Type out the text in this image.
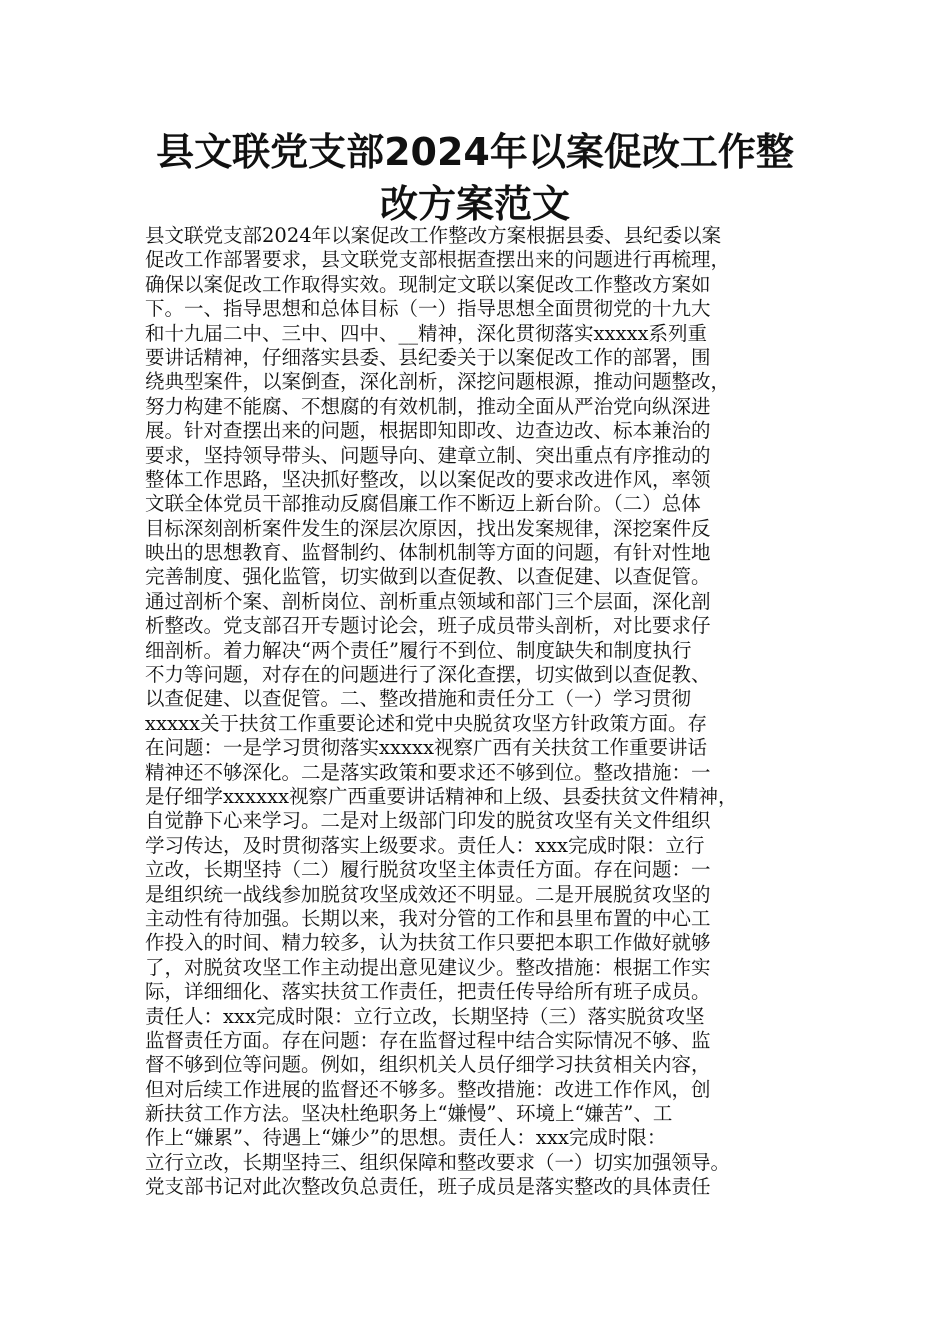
县文联党支部2024年以案促改工作整
改方案范文
县文联党支部2024年以案促改工作整改方案根据县委、县纪委以案
促改工作部署要求，县文联党支部根据查摆出来的问题进行再梳理，
确保以案促改工作取得实效。现制定文联以案促改工作整改方案如
下。一、指导思想和总体目标（一）指导思想全面贯彻党的十九大
和十九届二中、三中、四中、__精神，深化贯彻落实xxxxx系列重
要讲话精神，仔细落实县委、县纪委关于以案促改工作的部署，围
绕典型案件，以案倒查，深化剖析，深挖问题根源，推动问题整改，
努力构建不能腐、不想腐的有效机制，推动全面从严治党向纵深进
展。针对查摆出来的问题，根据即知即改、边查边改、标本兼治的
要求，坚持领导带头、问题导向、建章立制、突出重点有序推动的
整体工作思路，坚决抓好整改，以以案促改的要求改进作风，率领
文联全体党员干部推动反腐倡廉工作不断迈上新台阶。（二）总体
目标深刻剖析案件发生的深层次原因，找出发案规律，深挖案件反
映出的思想教育、监督制约、体制机制等方面的问题，有针对性地
完善制度、强化监管，切实做到以查促教、以查促建、以查促管。
通过剖析个案、剖析岗位、剖析重点领域和部门三个层面，深化剖
析整改。党支部召开专题讨论会，班子成员带头剖析，对比要求仔
细剖析。着力解决“两个责任”履行不到位、制度缺失和制度执行
不力等问题，对存在的问题进行了深化查摆，切实做到以查促教、
以查促建、以查促管。二、整改措施和责任分工（一）学习贯彻
xxxxx关于扶贫工作重要论述和党中央脱贫攻坚方针政策方面。存
在问题：一是学习贯彻落实xxxxx视察广西有关扶贫工作重要讲话
精神还不够深化。二是落实政策和要求还不够到位。整改措施：一
是仔细学xxxxxx视察广西重要讲话精神和上级、县委扶贫文件精神，
自觉静下心来学习。二是对上级部门印发的脱贫攻坚有关文件组织
学习传达，及时贯彻落实上级要求。责任人：xxx完成时限：立行
立改，长期坚持（二）履行脱贫攻坚主体责任方面。存在问题：一
是组织统一战线参加脱贫攻坚成效还不明显。二是开展脱贫攻坚的
主动性有待加强。长期以来，我对分管的工作和县里布置的中心工
作投入的时间、精力较多，认为扶贫工作只要把本职工作做好就够
了，对脱贫攻坚工作主动提出意见建议少。整改措施：根据工作实
际，详细细化、落实扶贫工作责任，把责任传导给所有班子成员。
责任人：xxx完成时限：立行立改，长期坚持（三）落实脱贫攻坚
监督责任方面。存在问题：存在监督过程中结合实际情况不够、监
督不够到位等问题。例如，组织机关人员仔细学习扶贫相关内容，
但对后续工作进展的监督还不够多。整改措施：改进工作作风，创
新扶贫工作方法。坚决杜绝职务上“嫌慢”、环境上“嫌苦”、工
作上“嫌累”、待遇上“嫌少”的思想。责任人：xxx完成时限：
立行立改，长期坚持三、组织保障和整改要求（一）切实加强领导。
党支部书记对此次整改负总责任，班子成员是落实整改的具体责任
